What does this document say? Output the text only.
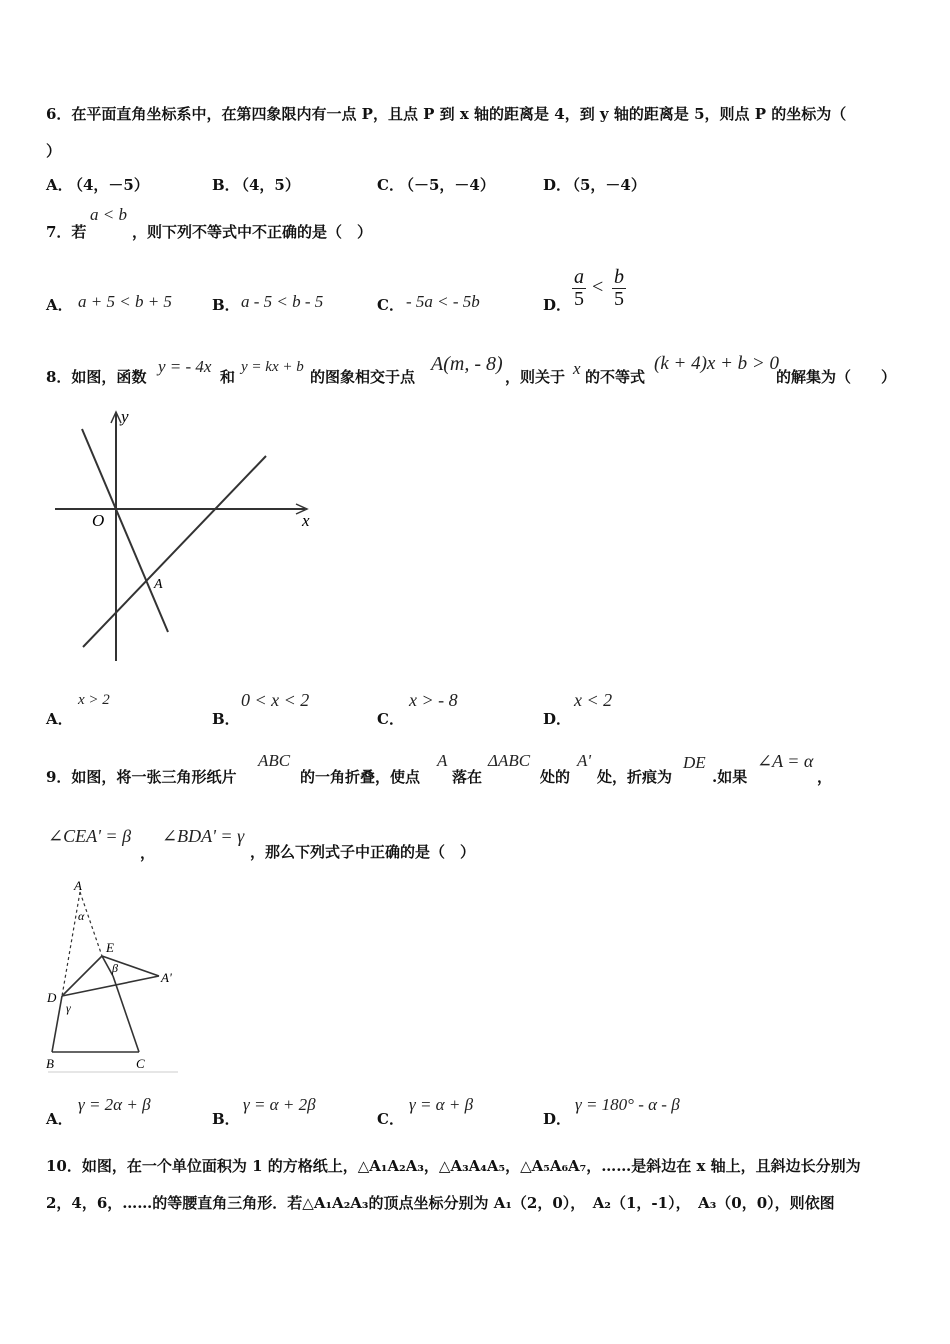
6．在平面直角坐标系中，在第四象限内有一点 P，且点 P 到 x 轴的距离是 4，到 y 轴的距离是 5，则点 P 的坐标为（
）
A．
（4，－5）	B．
（4，5）	C．
（－5，－4）	D．
（5，－4）
7．若
a < b
，则下列不等式中不正确的是（　）
A． a + 5 < b + 5	B． a - 5 < b - 5	C． - 5a < - 5b	D．
a
5
< b
5
8．如图，函数
y = - 4x
和
y = kx + b
的图象相交于点
A(m, - 8)
，则关于 x 的不等式
(k + 4)x + b > 0
的解集为（　　）
y
x
O
A
A．
x > 2
B．
0 < x < 2
C．
x > - 8
D．
x < 2
9．如图，将一张三角形纸片
ABC
的一角折叠，使点
A
落在
ΔABC
处的
A'
处，折痕为
DE
.如果
∠A = α
，
∠CEA' = β
，
∠BDA' = γ
，那么下列式子中正确的是（　）
A
α
E
β
A'
D
γ
B	C
A．
γ = 2α + β
B．
γ = α + 2β
C．
γ = α + β
D．
γ = 180° - α - β
10．如图，在一个单位面积为 1 的方格纸上，△A₁A₂A₃，△A₃A₄A₅，△A₅A₆A₇，……是斜边在 x 轴上，且斜边长分别为
2，4，6，……的等腰直角三角形．若△A₁A₂A₃的顶点坐标分别为 A₁（2，0），　A₂（1，-1），　A₃（0，0），则依图
